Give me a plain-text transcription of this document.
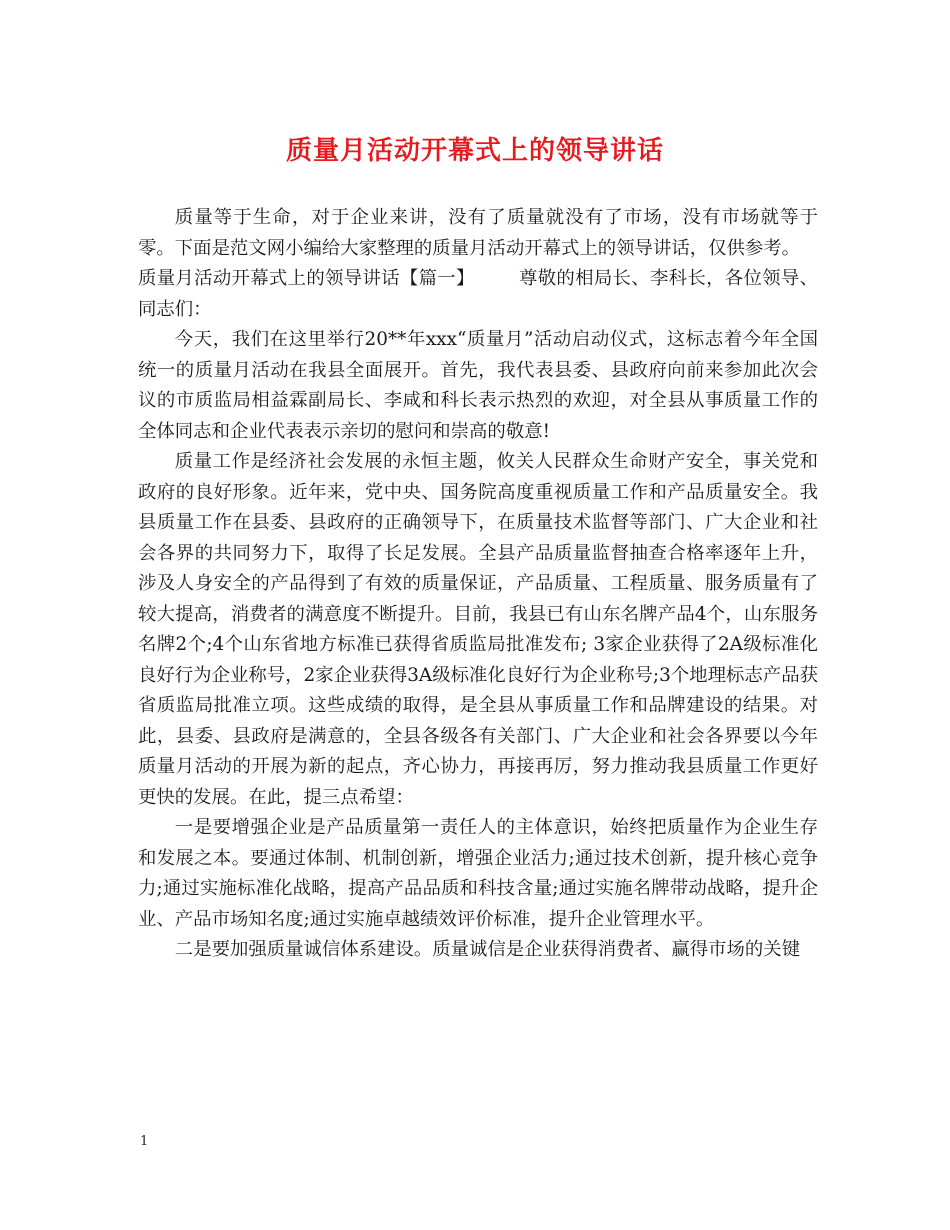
质量月活动开幕式上的领导讲话

质量等于生命，对于企业来讲，没有了质量就没有了市场，没有市场就等于零。下面是范文网小编给大家整理的质量月活动开幕式上的领导讲话，仅供参考。

质量月活动开幕式上的领导讲话【篇一】 尊敬的相局长、李科长，各位领导、同志们：

今天，我们在这里举行20**年xxx“质量月”活动启动仪式，这标志着今年全国统一的质量月活动在我县全面展开。首先，我代表县委、县政府向前来参加此次会议的市质监局相益霖副局长、李咸和科长表示热烈的欢迎，对全县从事质量工作的全体同志和企业代表表示亲切的慰问和崇高的敬意!

质量工作是经济社会发展的永恒主题，攸关人民群众生命财产安全，事关党和政府的良好形象。近年来，党中央、国务院高度重视质量工作和产品质量安全。我县质量工作在县委、县政府的正确领导下，在质量技术监督等部门、广大企业和社会各界的共同努力下，取得了长足发展。全县产品质量监督抽查合格率逐年上升，涉及人身安全的产品得到了有效的质量保证，产品质量、工程质量、服务质量有了较大提高，消费者的满意度不断提升。目前，我县已有山东名牌产品4个，山东服务名牌2个;4个山东省地方标准已获得省质监局批准发布; 3家企业获得了2A级标准化良好行为企业称号，2家企业获得3A级标准化良好行为企业称号;3个地理标志产品获省质监局批准立项。这些成绩的取得，是全县从事质量工作和品牌建设的结果。对此，县委、县政府是满意的，全县各级各有关部门、广大企业和社会各界要以今年质量月活动的开展为新的起点，齐心协力，再接再厉，努力推动我县质量工作更好更快的发展。在此，提三点希望：

一是要增强企业是产品质量第一责任人的主体意识，始终把质量作为企业生存和发展之本。要通过体制、机制创新，增强企业活力;通过技术创新，提升核心竞争力;通过实施标准化战略，提高产品品质和科技含量;通过实施名牌带动战略，提升企业、产品市场知名度;通过实施卓越绩效评价标准，提升企业管理水平。

二是要加强质量诚信体系建设。质量诚信是企业获得消费者、赢得市场的关键

1
